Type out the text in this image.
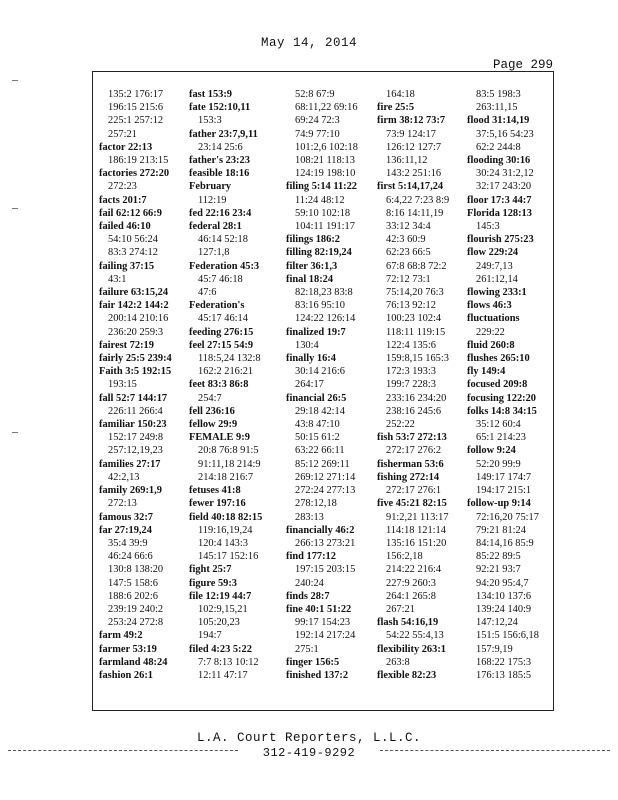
May 14, 2014
Page 299
135:2 176:17
196:15 215:6
225:1 257:12
257:21
factor 22:13
186:19 213:15
factories 272:20
272:23
facts 201:7
fail 62:12 66:9
failed 46:10
54:10 56:24
83:3 274:12
failing 37:15
43:1
failure 63:15,24
fair 142:2 144:2
200:14 210:16
236:20 259:3
fairest 72:19
fairly 25:5 239:4
Faith 3:5 192:15
193:15
fall 52:7 144:17
226:11 266:4
familiar 150:23
152:17 249:8
257:12,19,23
families 27:17
42:2,13
family 269:1,9
272:13
famous 32:7
far 27:19,24
35:4 39:9
46:24 66:6
130:8 138:20
147:5 158:6
188:6 202:6
239:19 240:2
253:24 272:8
farm 49:2
farmer 53:19
farmland 48:24
fashion 26:1
fast 153:9
fate 152:10,11
153:3
father 23:7,9,11
23:14 25:6
father's 23:23
feasible 18:16
February
112:19
fed 22:16 23:4
federal 28:1
46:14 52:18
127:1,8
Federation 45:3
45:7 46:18
47:6
Federation's
45:17 46:14
feeding 276:15
feel 27:15 54:9
118:5,24 132:8
162:2 216:21
feet 83:3 86:8
254:7
fell 236:16
fellow 29:9
FEMALE 9:9
20:8 76:8 91:5
91:11,18 214:9
214:18 216:7
fetuses 41:8
fewer 197:16
field 40:18 82:15
119:16,19,24
120:4 143:3
145:17 152:16
fight 25:7
figure 59:3
file 12:19 44:7
102:9,15,21
105:20,23
194:7
filed 4:23 5:22
7:7 8:13 10:12
12:11 47:17
52:8 67:9
68:11,22 69:16
69:24 72:3
74:9 77:10
101:2,6 102:18
108:21 118:13
124:19 198:10
filing 5:14 11:22
11:24 48:12
59:10 102:18
104:11 191:17
filings 186:2
filling 82:19,24
filter 36:1,3
final 18:24
82:18,23 83:8
83:16 95:10
124:22 126:14
finalized 19:7
130:4
finally 16:4
30:14 216:6
264:17
financial 26:5
29:18 42:14
43:8 47:10
50:15 61:2
63:22 66:11
85:12 269:11
269:12 271:14
272:24 277:13
278:12,18
283:13
financially 46:2
266:13 273:21
find 177:12
197:15 203:15
240:24
finds 28:7
fine 40:1 51:22
99:17 154:23
192:14 217:24
275:1
finger 156:5
finished 137:2
164:18
fire 25:5
firm 38:12 73:7
73:9 124:17
126:12 127:7
136:11,12
143:2 251:16
first 5:14,17,24
6:4,22 7:23 8:9
8:16 14:11,19
33:12 34:4
42:3 60:9
62:23 66:5
67:8 68:8 72:2
72:12 73:1
75:14,20 76:3
76:13 92:12
100:23 102:4
118:11 119:15
122:4 135:6
159:8,15 165:3
172:3 193:3
199:7 228:3
233:16 234:20
238:16 245:6
252:22
fish 53:7 272:13
272:17 276:2
fisherman 53:6
fishing 272:14
272:17 276:1
five 45:21 82:15
91:2,21 113:17
114:18 121:14
135:16 151:20
156:2,18
214:22 216:4
227:9 260:3
264:1 265:8
267:21
flash 54:16,19
54:22 55:4,13
flexibility 263:1
263:8
flexible 82:23
83:5 198:3
263:11,15
flood 31:14,19
37:5,16 54:23
62:2 244:8
flooding 30:16
30:24 31:2,12
32:17 243:20
floor 17:3 44:7
Florida 128:13
145:3
flourish 275:23
flow 229:24
249:7,13
261:12,14
flowing 233:1
flows 46:3
fluctuations
229:22
fluid 260:8
flushes 265:10
fly 149:4
focused 209:8
focusing 122:20
folks 14:8 34:15
35:12 60:4
65:1 214:23
follow 9:24
52:20 99:9
149:17 174:7
194:17 215:1
follow-up 9:14
72:16,20 75:17
79:21 81:24
84:14,16 85:9
85:22 89:5
92:21 93:7
94:20 95:4,7
134:10 137:6
139:24 140:9
147:12,24
151:5 156:6,18
157:9,19
168:22 175:3
176:13 185:5
L.A. Court Reporters, L.L.C.
312-419-9292
